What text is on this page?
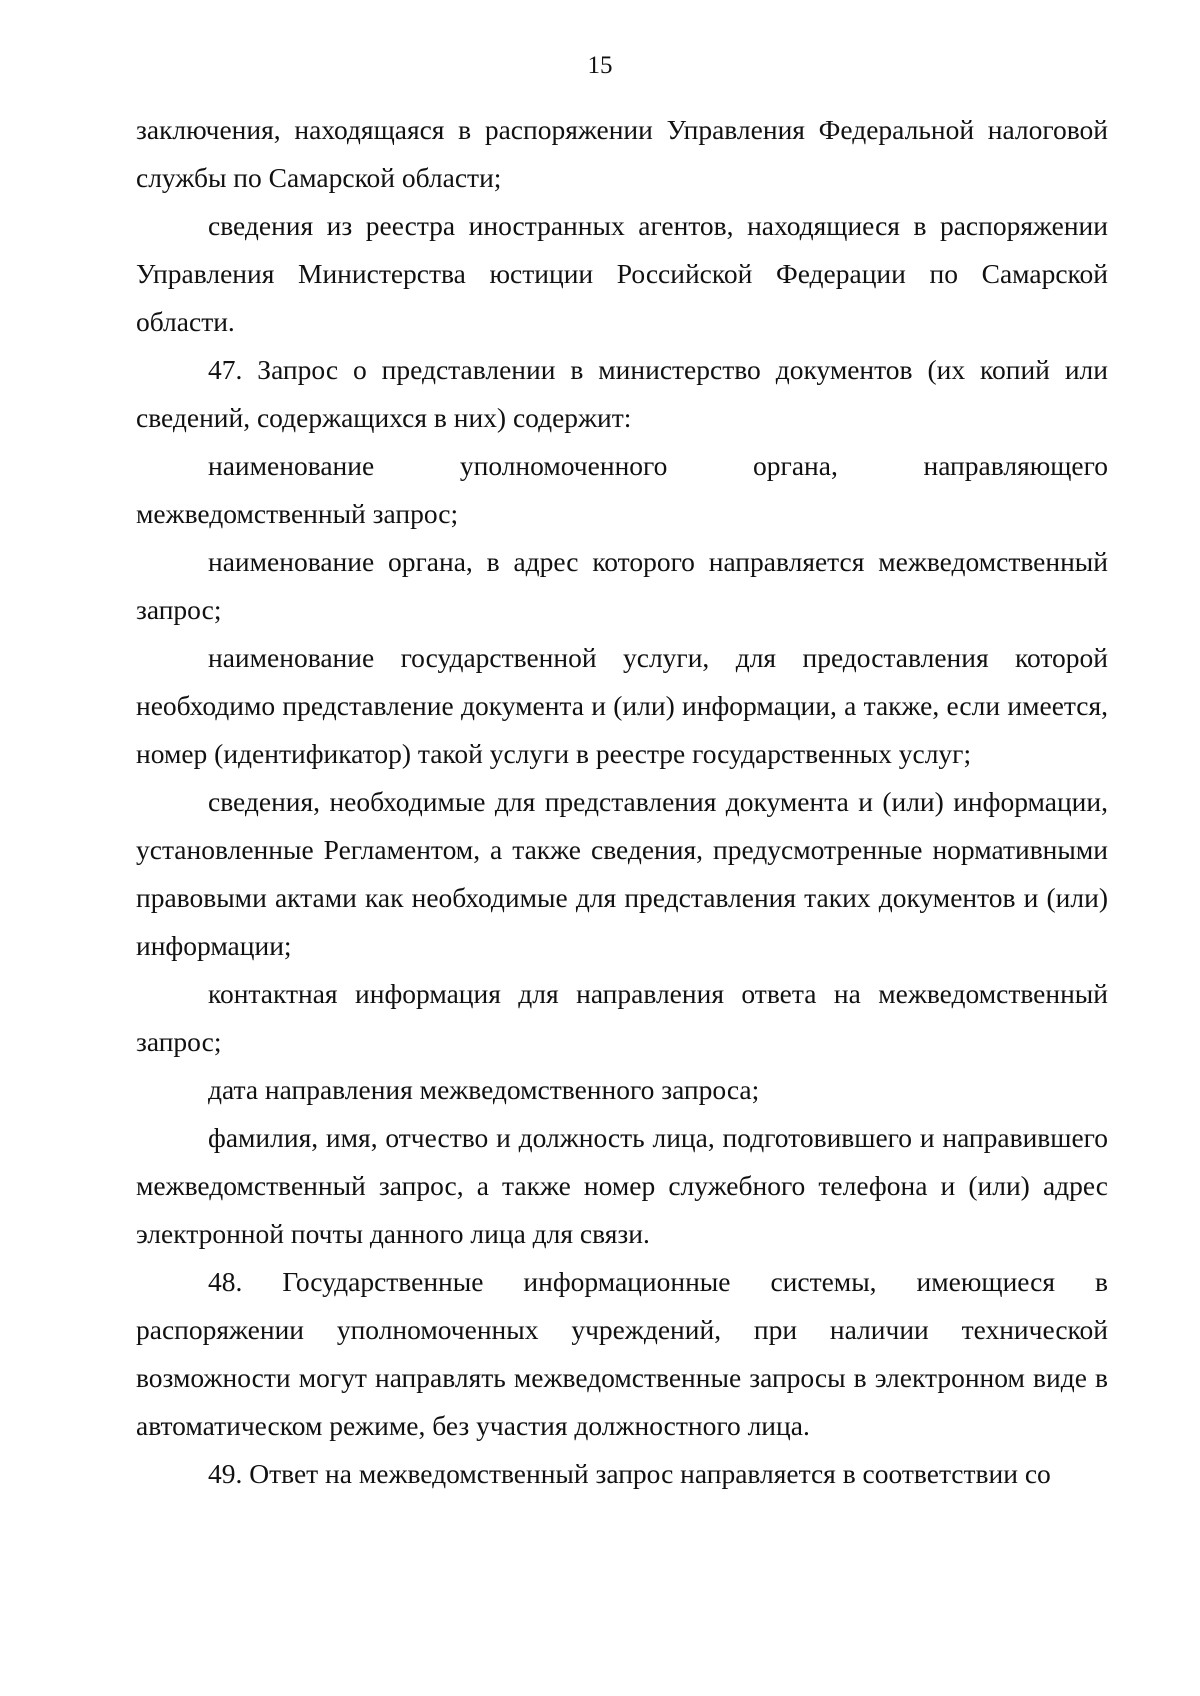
15

заключения, находящаяся в распоряжении Управления Федеральной налоговой службы по Самарской области;

сведения из реестра иностранных агентов, находящиеся в распоряжении Управления Министерства юстиции Российской Федерации по Самарской области.

47. Запрос о представлении в министерство документов (их копий или сведений, содержащихся в них) содержит:

наименование уполномоченного органа, направляющего межведомственный запрос;

наименование органа, в адрес которого направляется межведомственный запрос;

наименование государственной услуги, для предоставления которой необходимо представление документа и (или) информации, а также, если имеется, номер (идентификатор) такой услуги в реестре государственных услуг;

сведения, необходимые для представления документа и (или) информации, установленные Регламентом, а также сведения, предусмотренные нормативными правовыми актами как необходимые для представления таких документов и (или) информации;

контактная информация для направления ответа на межведомственный запрос;

дата направления межведомственного запроса;

фамилия, имя, отчество и должность лица, подготовившего и направившего межведомственный запрос, а также номер служебного телефона и (или) адрес электронной почты данного лица для связи.

48. Государственные информационные системы, имеющиеся в распоряжении уполномоченных учреждений, при наличии технической возможности могут направлять межведомственные запросы в электронном виде в автоматическом режиме, без участия должностного лица.

49. Ответ на межведомственный запрос направляется в соответствии со
